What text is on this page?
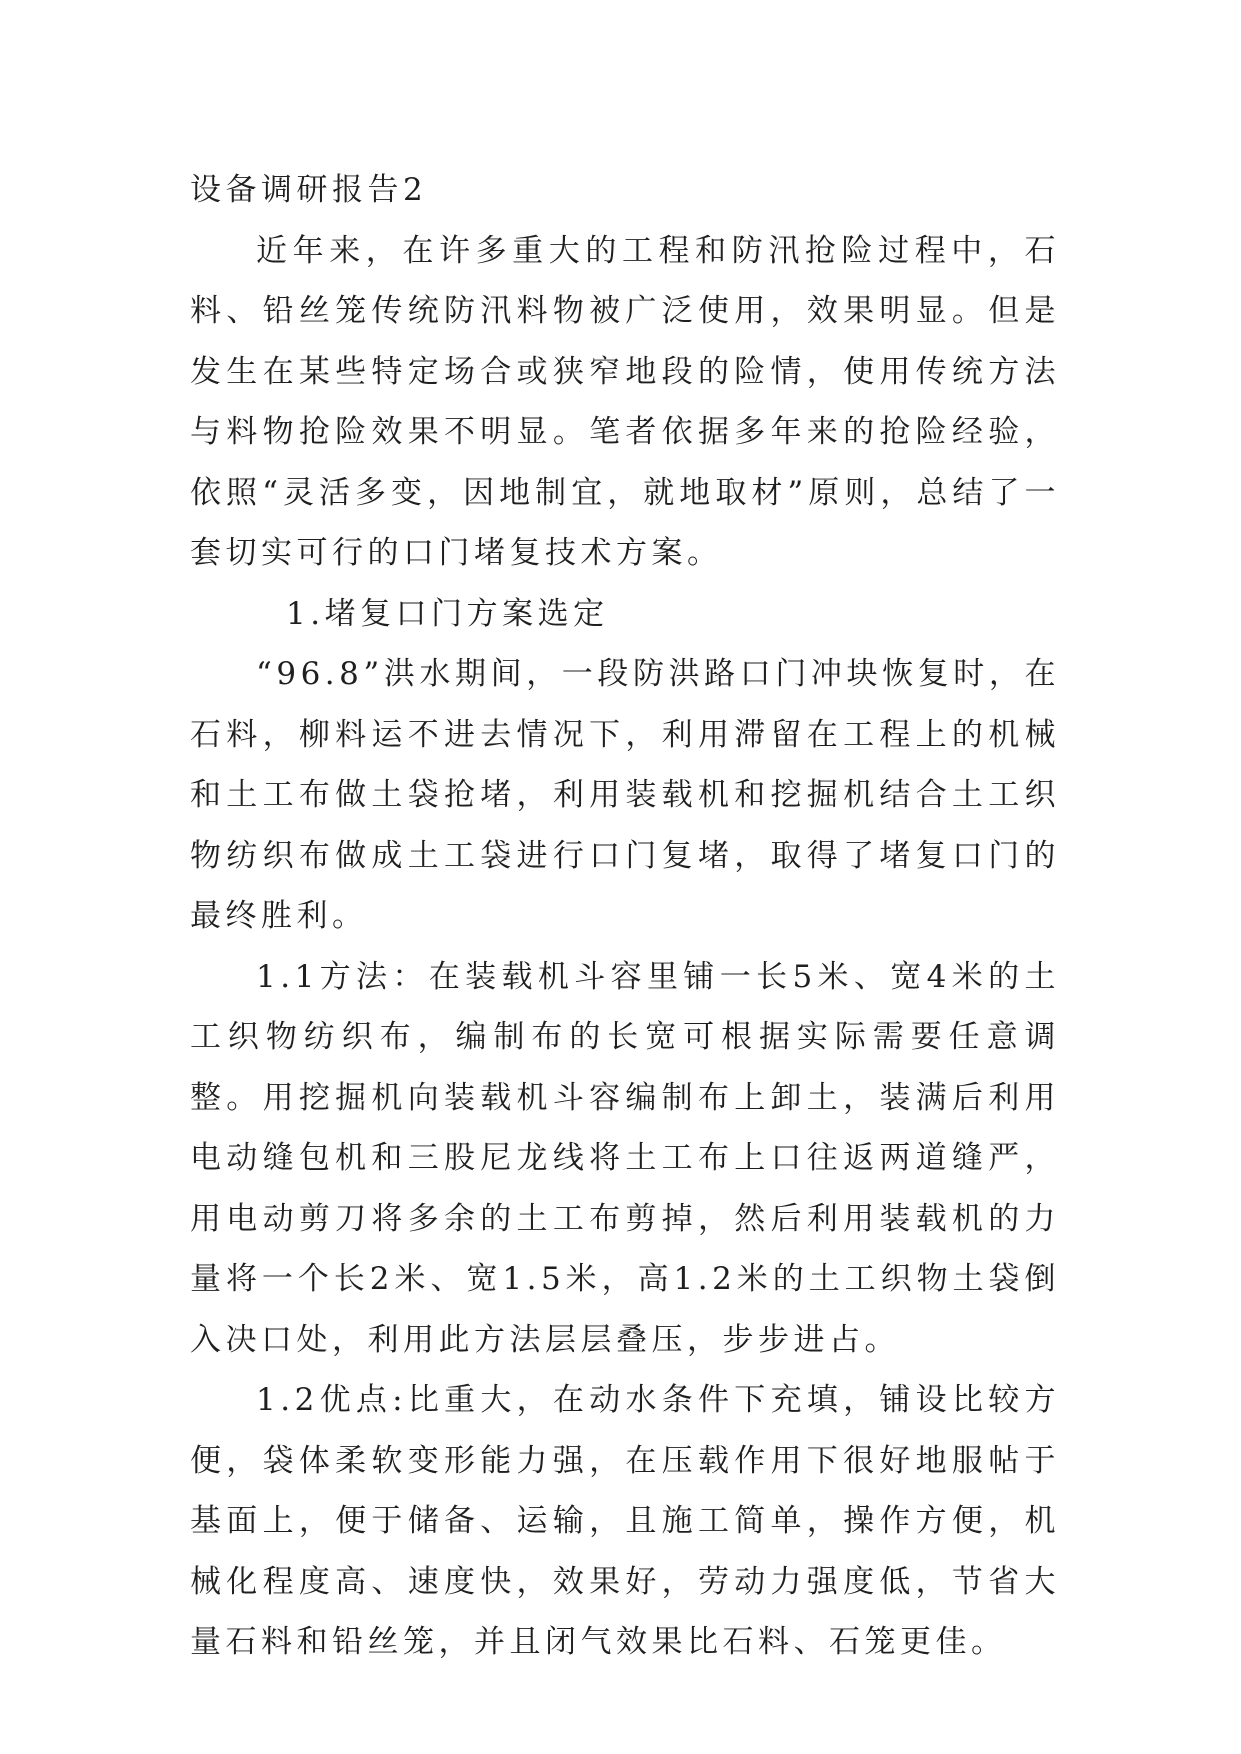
设备调研报告2

近年来，在许多重大的工程和防汛抢险过程中，石料、铅丝笼传统防汛料物被广泛使用，效果明显。但是发生在某些特定场合或狭窄地段的险情，使用传统方法与料物抢险效果不明显。笔者依据多年来的抢险经验，依照“灵活多变，因地制宜，就地取材”原则，总结了一套切实可行的口门堵复技术方案。

1.堵复口门方案选定

“96.8”洪水期间，一段防洪路口门冲块恢复时，在石料，柳料运不进去情况下，利用滞留在工程上的机械和土工布做土袋抢堵，利用装载机和挖掘机结合土工织物纺织布做成土工袋进行口门复堵，取得了堵复口门的最终胜利。

1.1方法：在装载机斗容里铺一长5米、宽4米的土工织物纺织布，编制布的长宽可根据实际需要任意调整。用挖掘机向装载机斗容编制布上卸土，装满后利用电动缝包机和三股尼龙线将土工布上口往返两道缝严，用电动剪刀将多余的土工布剪掉，然后利用装载机的力量将一个长2米、宽1.5米，高1.2米的土工织物土袋倒入决口处，利用此方法层层叠压，步步进占。

1.2优点:比重大，在动水条件下充填，铺设比较方便，袋体柔软变形能力强，在压载作用下很好地服帖于基面上，便于储备、运输，且施工简单，操作方便，机械化程度高、速度快，效果好，劳动力强度低，节省大量石料和铅丝笼，并且闭气效果比石料、石笼更佳。
